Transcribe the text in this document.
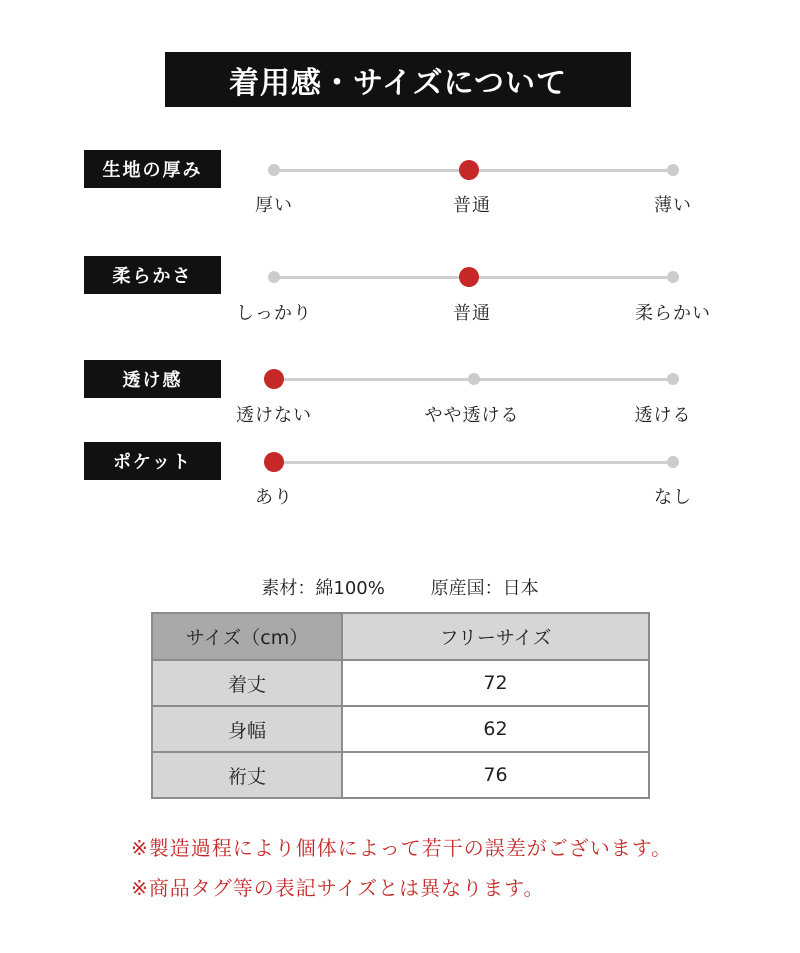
着用感・サイズについて
生地の厚み
厚い	普通	薄い
柔らかさ
しっかり	普通	柔らかい
透け感
透けない	やや透ける	透ける
ポケット
あり	なし
素材：綿100%	原産国：日本
サイズ（cm）	フリーサイズ
着丈	72
身幅	62
裄丈	76
※製造過程により個体によって若干の誤差がございます。
※商品タグ等の表記サイズとは異なります。
